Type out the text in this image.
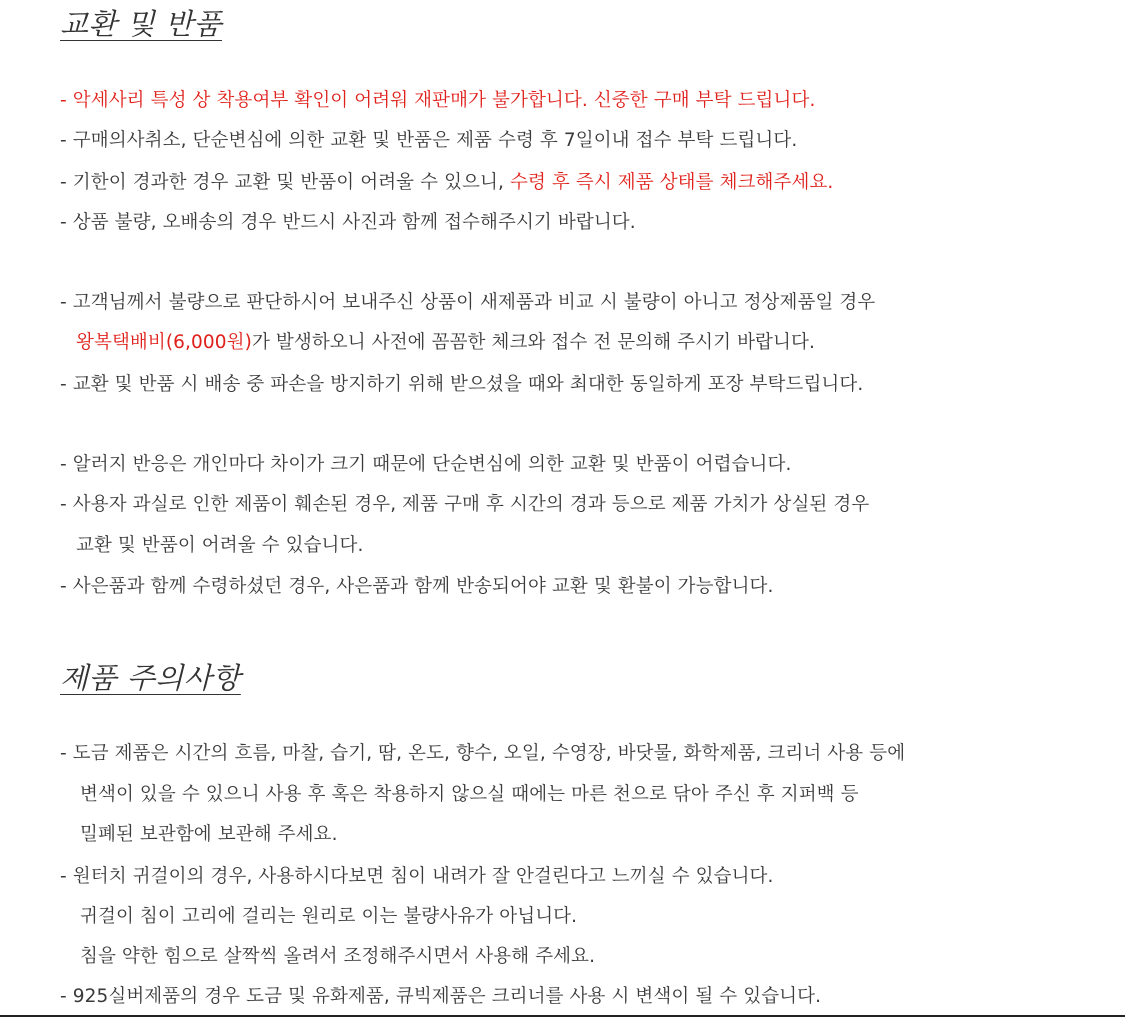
교환 및 반품
- 악세사리 특성 상 착용여부 확인이 어려워 재판매가 불가합니다. 신중한 구매 부탁 드립니다.
- 구매의사취소, 단순변심에 의한 교환 및 반품은 제품 수령 후 7일이내 접수 부탁 드립니다.
- 기한이 경과한 경우 교환 및 반품이 어려울 수 있으니, 수령 후 즉시 제품 상태를 체크해주세요.
- 상품 불량, 오배송의 경우 반드시 사진과 함께 접수해주시기 바랍니다.
- 고객님께서 불량으로 판단하시어 보내주신 상품이 새제품과 비교 시 불량이 아니고 정상제품일 경우
왕복택배비(6,000원)가 발생하오니 사전에 꼼꼼한 체크와 접수 전 문의해 주시기 바랍니다.
- 교환 및 반품 시 배송 중 파손을 방지하기 위해 받으셨을 때와 최대한 동일하게 포장 부탁드립니다.
- 알러지 반응은 개인마다 차이가 크기 때문에 단순변심에 의한 교환 및 반품이 어렵습니다.
- 사용자 과실로 인한 제품이 훼손된 경우, 제품 구매 후 시간의 경과 등으로 제품 가치가 상실된 경우
교환 및 반품이 어려울 수 있습니다.
- 사은품과 함께 수령하셨던 경우, 사은품과 함께 반송되어야 교환 및 환불이 가능합니다.
제품 주의사항
- 도금 제품은 시간의 흐름, 마찰, 습기, 땀, 온도, 향수, 오일, 수영장, 바닷물, 화학제품, 크리너 사용 등에
변색이 있을 수 있으니 사용 후 혹은 착용하지 않으실 때에는 마른 천으로 닦아 주신 후 지퍼백 등
밀폐된 보관함에 보관해 주세요.
- 원터치 귀걸이의 경우, 사용하시다보면 침이 내려가 잘 안걸린다고 느끼실 수 있습니다.
귀걸이 침이 고리에 걸리는 원리로 이는 불량사유가 아닙니다.
침을 약한 힘으로 살짝씩 올려서 조정해주시면서 사용해 주세요.
- 925실버제품의 경우 도금 및 유화제품, 큐빅제품은 크리너를 사용 시 변색이 될 수 있습니다.
